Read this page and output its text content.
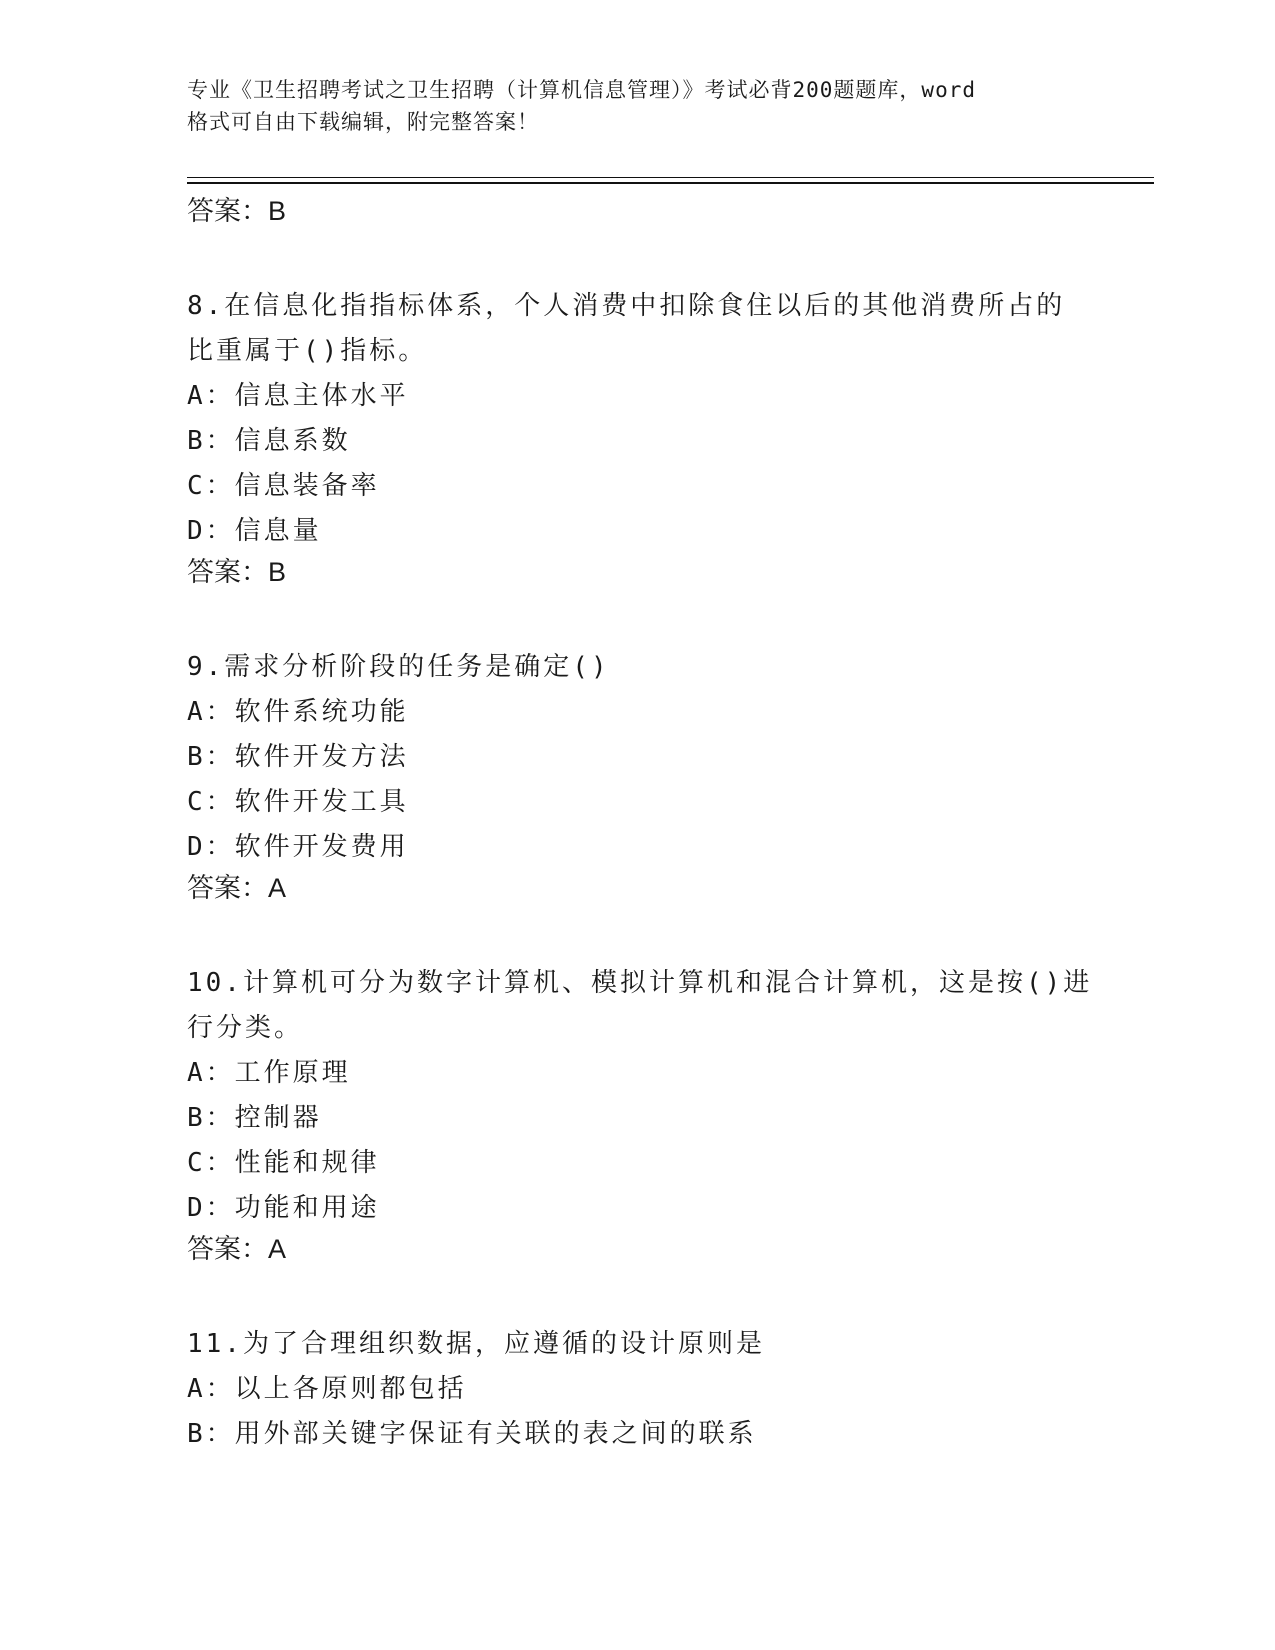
专业《卫生招聘考试之卫生招聘（计算机信息管理）》考试必背200题题库，word
格式可自由下载编辑，附完整答案！
答案：B
8.在信息化指指标体系，个人消费中扣除食住以后的其他消费所占的
比重属于()指标。
A：信息主体水平
B：信息系数
C：信息装备率
D：信息量
答案：B
9.需求分析阶段的任务是确定()
A：软件系统功能
B：软件开发方法
C：软件开发工具
D：软件开发费用
答案：A
10.计算机可分为数字计算机、模拟计算机和混合计算机，这是按()进
行分类。
A：工作原理
B：控制器
C：性能和规律
D：功能和用途
答案：A
11.为了合理组织数据，应遵循的设计原则是
A：以上各原则都包括
B：用外部关键字保证有关联的表之间的联系
